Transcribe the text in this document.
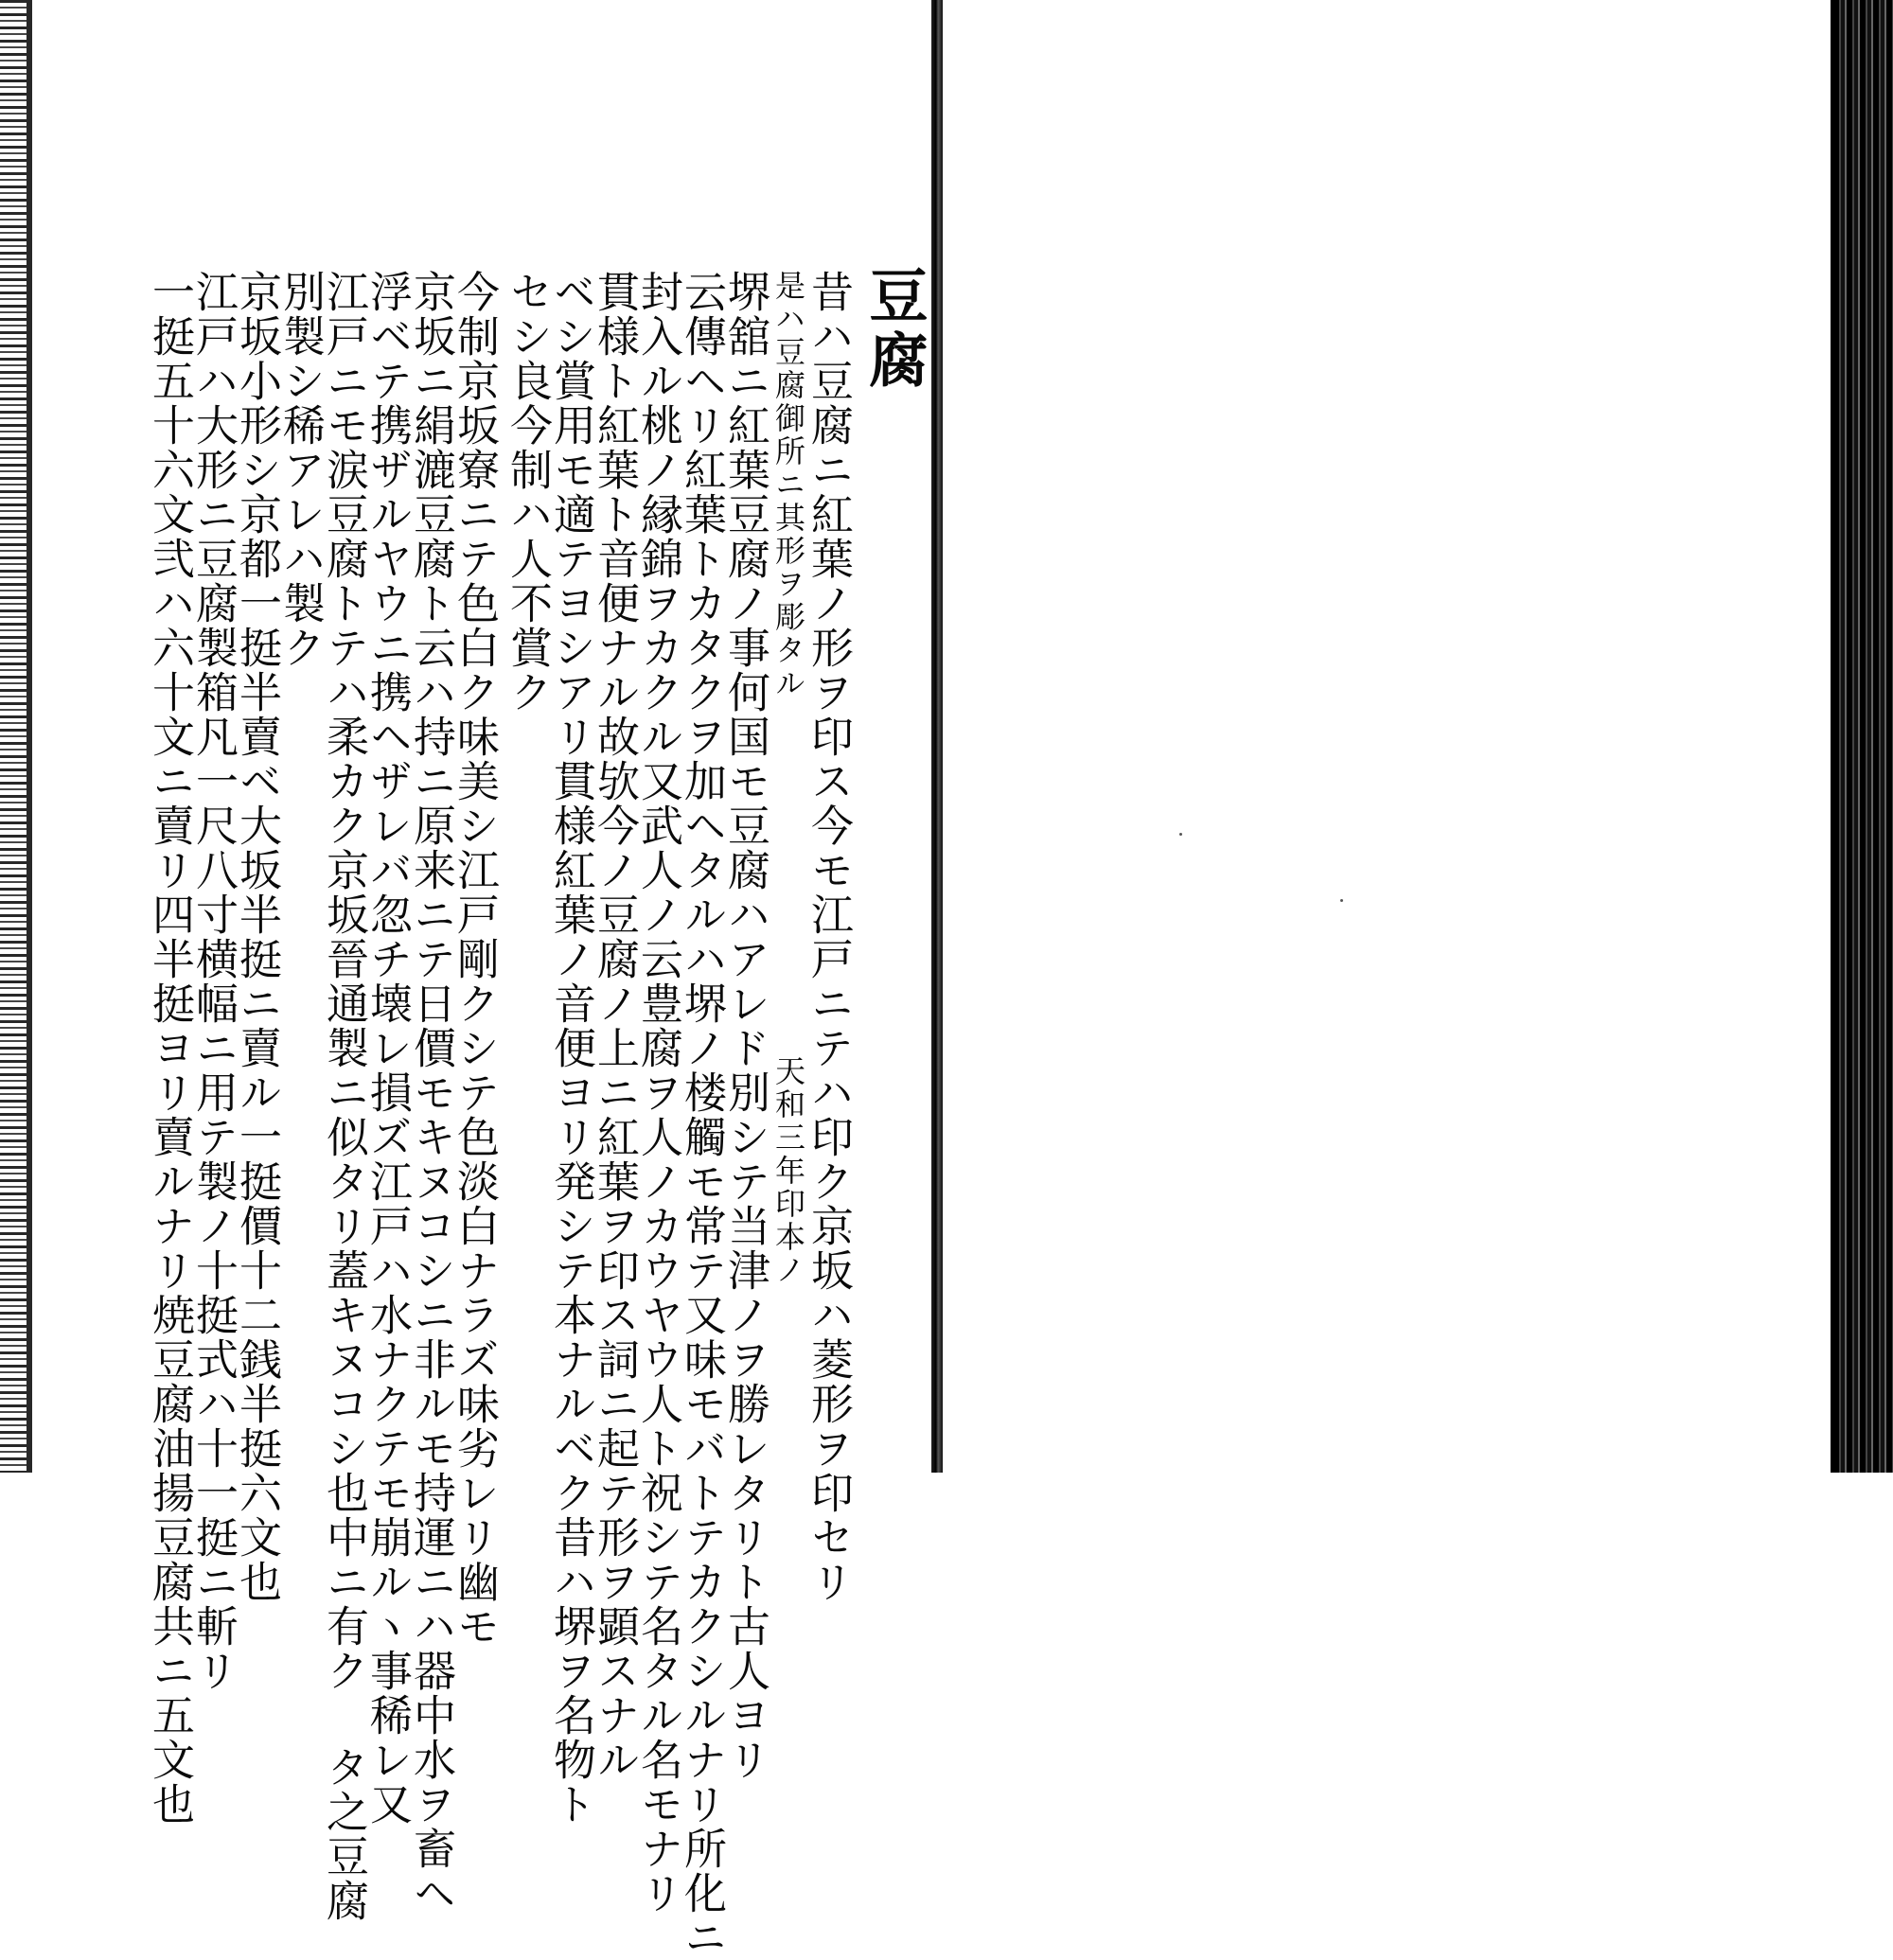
豆腐
昔ハ豆腐ニ紅葉ノ形ヲ印ス今モ江戸ニテハ印ク京坂ハ菱形ヲ印セリ
是ハ豆腐御所ニ其形ヲ彫タル
天和三年印本ノ
堺舘ニ紅葉豆腐ノ事何国モ豆腐ハアレド別シテ当津ノヲ勝レタリト古人ヨリ
云傳ヘリ紅葉トカタクヲ加ヘタルハ堺ノ楼觸モ常テ又味モバトテカクシルナリ所化ニ
封入ル桃ノ縁錦ヲカクル又武人ノ云豊腐ヲ人ノカウヤウ人ト祝シテ名タル名モナリ
貫様ト紅葉ト音便ナル故欤今ノ豆腐ノ上ニ紅葉ヲ印ス詞ニ起テ形ヲ顕スナル
ベシ賞用モ適テヨシアリ貫様紅葉ノ音便ヨリ発シテ本ナルベク昔ハ堺ヲ名物ト
セシ良今制ハ人不賞ク
今制京坂寮ニテ色白ク味美シ江戸剛クシテ色淡白ナラズ味劣レリ幽モ
京坂ニ絹漉豆腐ト云ハ持ニ原来ニテ日價モキヌコシニ非ルモ持運ニハ器中水ヲ畜ヘ
浮ベテ携ザルヤウニ携ヘザレバ忽チ壊レ損ズ江戸ハ水ナクテモ崩ルヽ事稀レ又
江戸ニモ涙豆腐トテハ柔カク京坂晉通製ニ似タリ蓋キヌコシ也中ニ有ク タ之豆腐
別製シ稀アレハ製ク
京坂小形シ京都一挺半賣ベ大坂半挺ニ賣ル一挺價十二銭半挺六文也
江戸ハ大形ニ豆腐製箱凡一尺八寸横幅ニ用テ製ノ十挺式ハ十一挺ニ斬リ
一挺五十六文弐ハ六十文ニ賣リ四半挺ヨリ賣ルナリ焼豆腐油揚豆腐共ニ五文也
